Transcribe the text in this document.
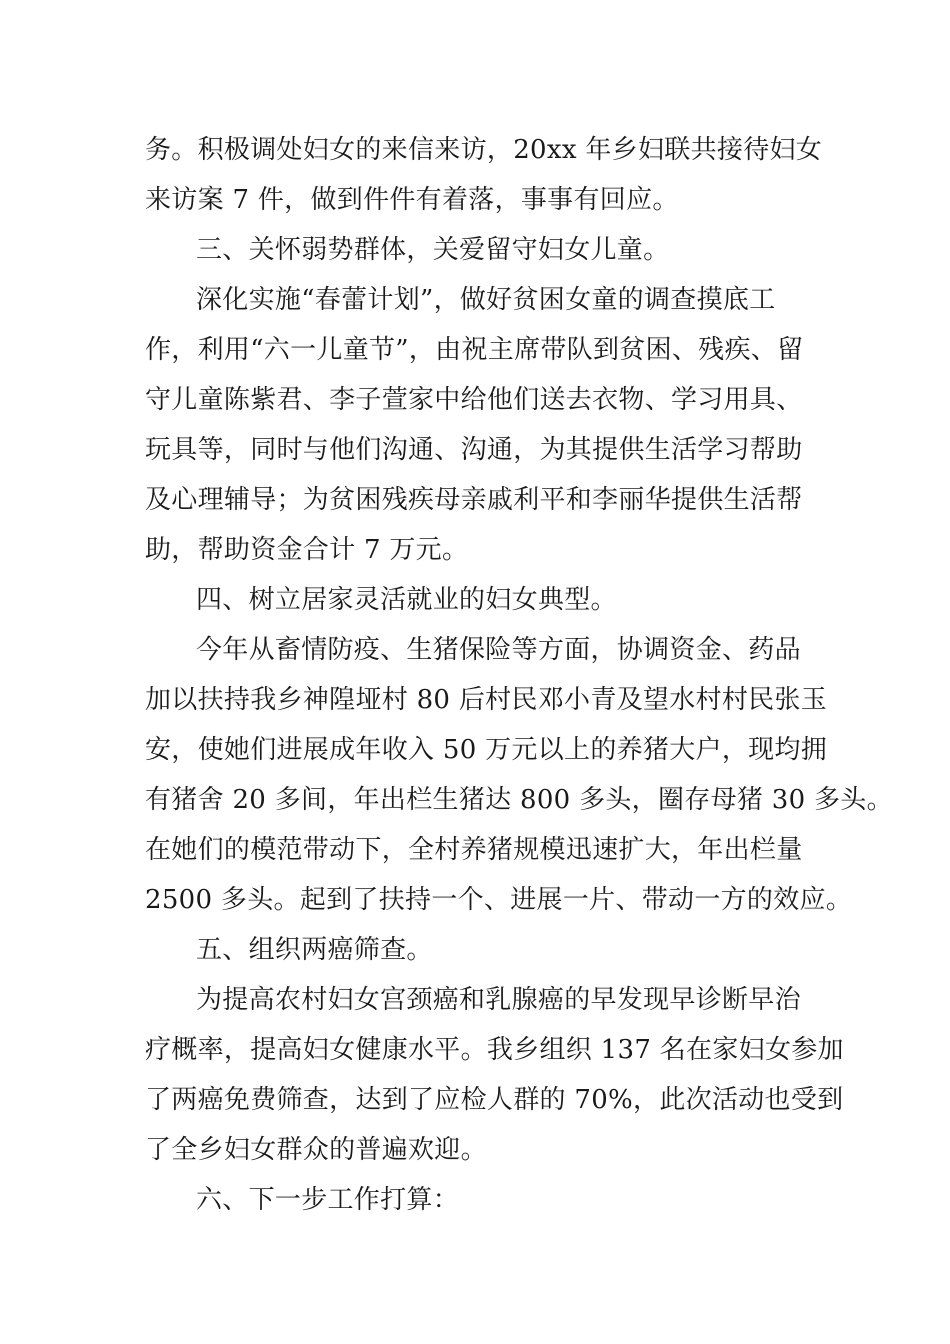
务。积极调处妇女的来信来访，20xx 年乡妇联共接待妇女
来访案 7 件，做到件件有着落，事事有回应。
三、关怀弱势群体，关爱留守妇女儿童。
深化实施“春蕾计划”，做好贫困女童的调查摸底工
作，利用“六一儿童节”，由祝主席带队到贫困、残疾、留
守儿童陈紫君、李子萱家中给他们送去衣物、学习用具、
玩具等，同时与他们沟通、沟通，为其提供生活学习帮助
及心理辅导；为贫困残疾母亲戚利平和李丽华提供生活帮
助，帮助资金合计 7 万元。
四、树立居家灵活就业的妇女典型。
今年从畜情防疫、生猪保险等方面，协调资金、药品
加以扶持我乡神隍垭村 80 后村民邓小青及望水村村民张玉
安，使她们进展成年收入 50 万元以上的养猪大户，现均拥
有猪舍 20 多间，年出栏生猪达 800 多头，圈存母猪 30 多头。
在她们的模范带动下，全村养猪规模迅速扩大，年出栏量
2500 多头。起到了扶持一个、进展一片、带动一方的效应。
五、组织两癌筛查。
为提高农村妇女宫颈癌和乳腺癌的早发现早诊断早治
疗概率，提高妇女健康水平。我乡组织 137 名在家妇女参加
了两癌免费筛查，达到了应检人群的 70%，此次活动也受到
了全乡妇女群众的普遍欢迎。
六、下一步工作打算：
